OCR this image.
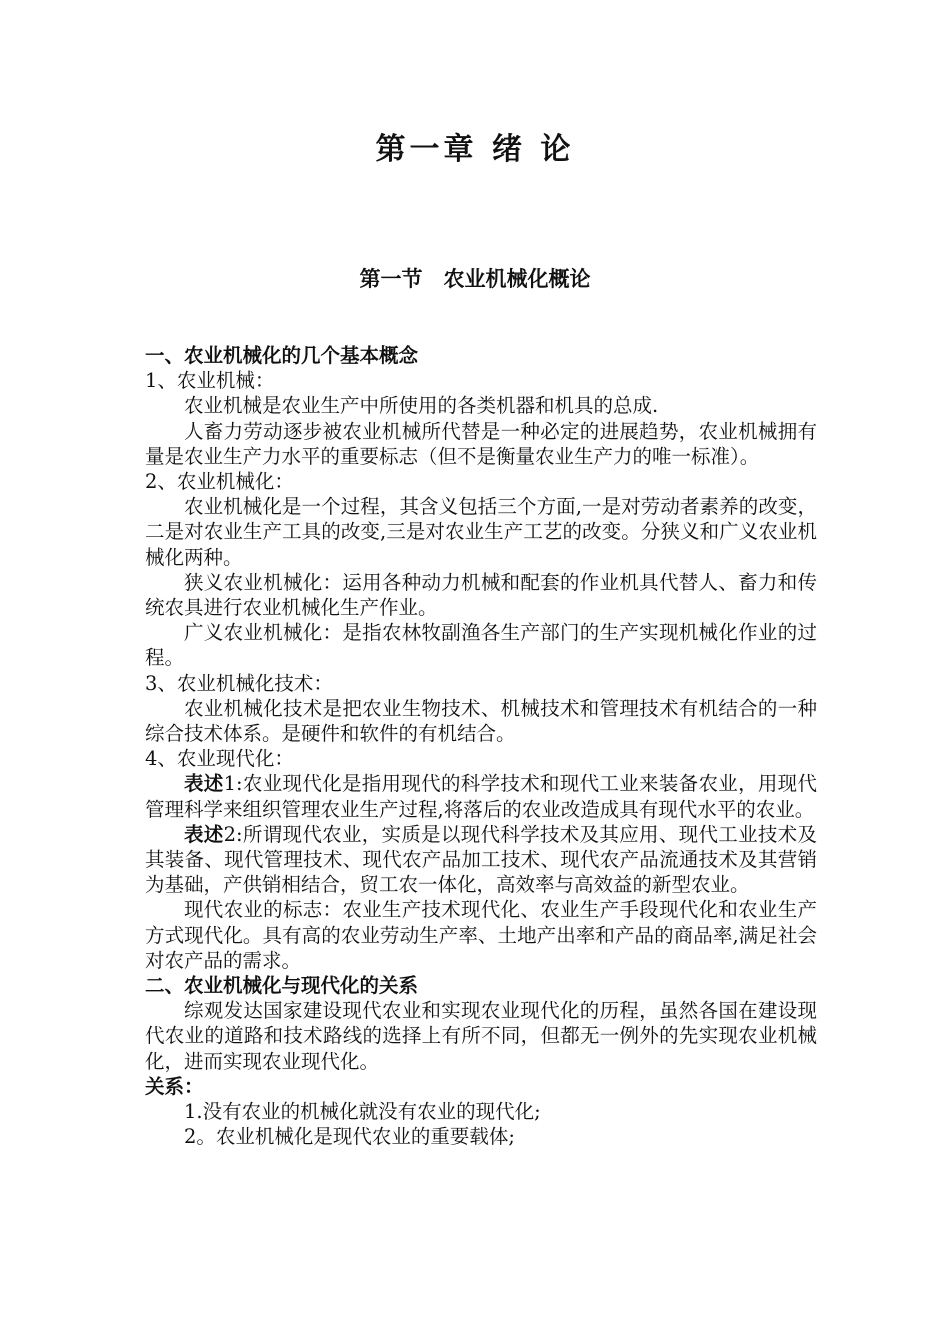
第一章 绪 论
第一节　农业机械化概论

一、农业机械化的几个基本概念

1、农业机械：

农业机械是农业生产中所使用的各类机器和机具的总成.

人畜力劳动逐步被农业机械所代替是一种必定的进展趋势，农业机械拥有量是农业生产力水平的重要标志（但不是衡量农业生产力的唯一标准）。

2、农业机械化：

农业机械化是一个过程，其含义包括三个方面,一是对劳动者素养的改变，二是对农业生产工具的改变,三是对农业生产工艺的改变。分狭义和广义农业机械化两种。

狭义农业机械化：运用各种动力机械和配套的作业机具代替人、畜力和传统农具进行农业机械化生产作业。

广义农业机械化：是指农林牧副渔各生产部门的生产实现机械化作业的过程。

3、农业机械化技术：

农业机械化技术是把农业生物技术、机械技术和管理技术有机结合的一种综合技术体系。是硬件和软件的有机结合。

4、农业现代化：

表述1:农业现代化是指用现代的科学技术和现代工业来装备农业，用现代管理科学来组织管理农业生产过程,将落后的农业改造成具有现代水平的农业。

表述2:所谓现代农业，实质是以现代科学技术及其应用、现代工业技术及其装备、现代管理技术、现代农产品加工技术、现代农产品流通技术及其营销为基础，产供销相结合，贸工农一体化，高效率与高效益的新型农业。

现代农业的标志：农业生产技术现代化、农业生产手段现代化和农业生产方式现代化。具有高的农业劳动生产率、土地产出率和产品的商品率,满足社会对农产品的需求。

二、农业机械化与现代化的关系

综观发达国家建设现代农业和实现农业现代化的历程，虽然各国在建设现代农业的道路和技术路线的选择上有所不同，但都无一例外的先实现农业机械化，进而实现农业现代化。

关系：

1.没有农业的机械化就没有农业的现代化;

2。农业机械化是现代农业的重要载体;
